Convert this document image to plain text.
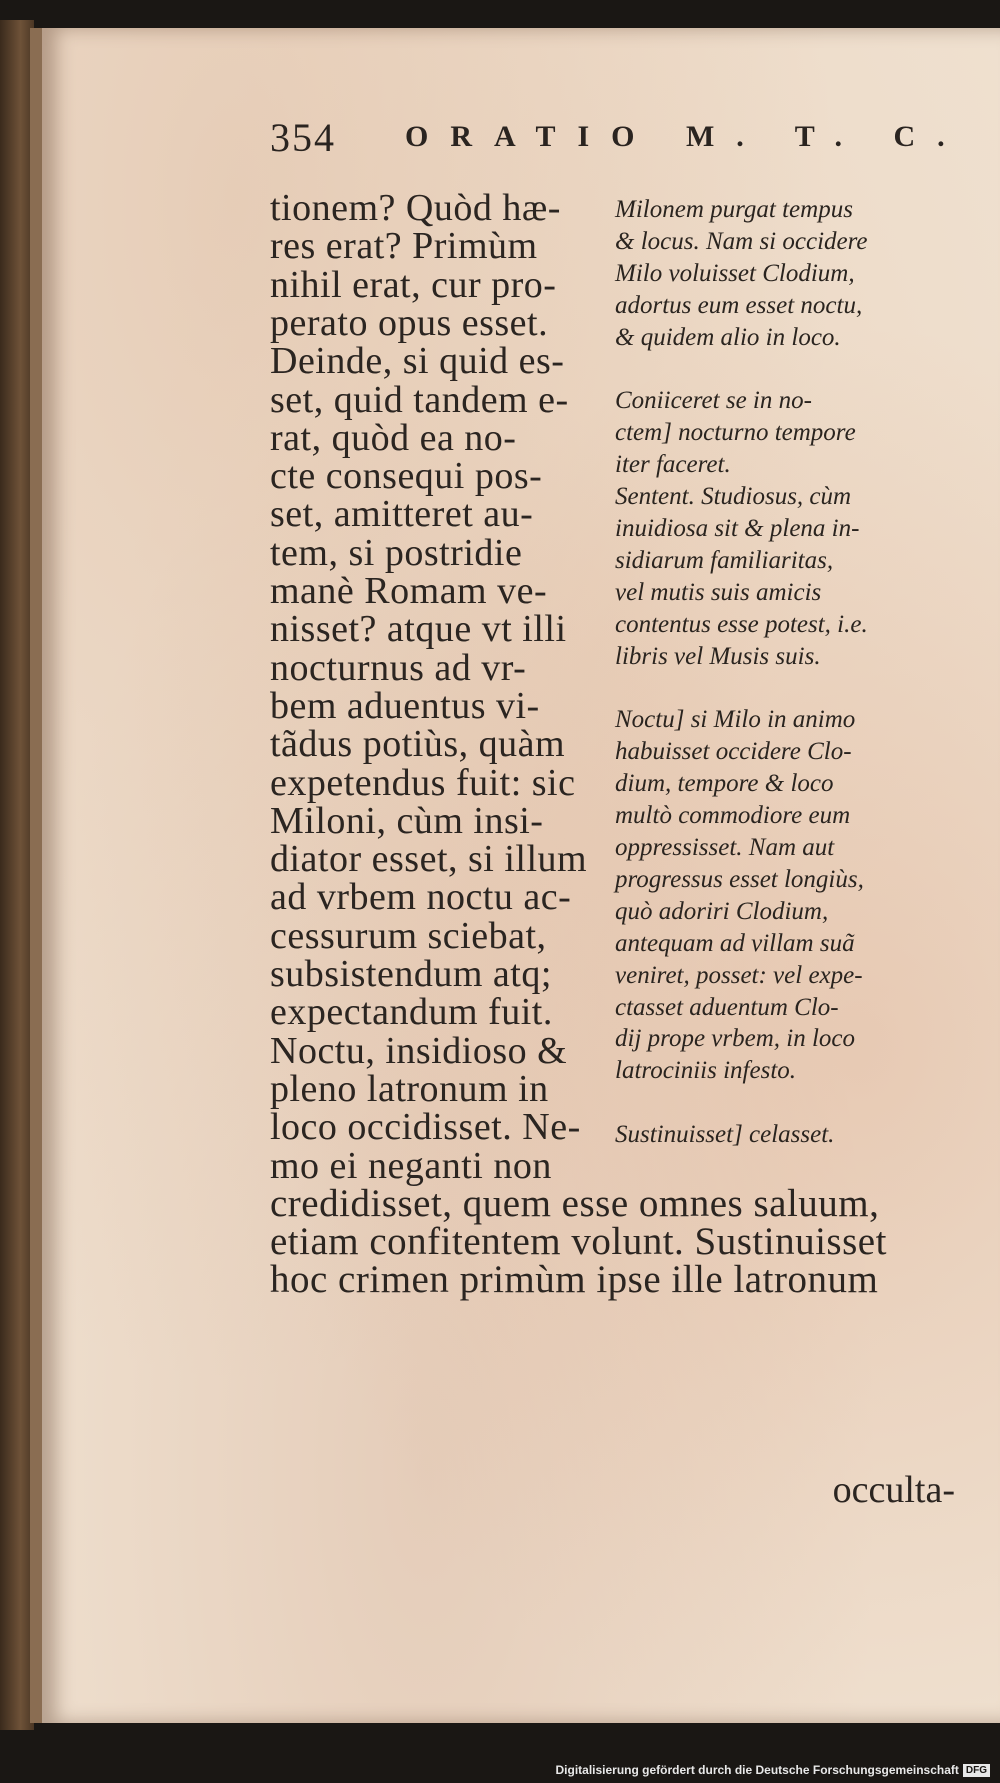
354 ORATIO M. T. C.
tionem? Quòd hæ-
res erat? Primùm
nihil erat, cur pro-
perato opus esset.
Deinde, si quid es-
set, quid tandem e-
rat, quòd ea no-
cte consequi pos-
set, amitteret au-
tem, si postridie
manè Romam ve-
nisset? atque vt illi
nocturnus ad vr-
bem aduentus vi-
tãdus potiùs, quàm
expetendus fuit: sic
Miloni, cùm insi-
diator esset, si illum
ad vrbem noctu ac-
cessurum sciebat,
subsistendum atq;
expectandum fuit.
Noctu, insidioso &
pleno latronum in
loco occidisset. Ne-
mo ei neganti non
Milonem purgat tempus
& locus. Nam si occidere
Milo voluisset Clodium,
adortus eum esset noctu,
& quidem alio in loco.
Coniiceret se in no-
ctem] nocturno tempore
iter faceret.
Sentent. Studiosus, cùm
inuidiosa sit & plena in-
sidiarum familiaritas,
vel mutis suis amicis
contentus esse potest, i.e.
libris vel Musis suis.
Noctu] si Milo in animo
habuisset occidere Clo-
dium, tempore & loco
multò commodiore eum
oppressisset. Nam aut
progressus esset longiùs,
quò adoriri Clodium,
antequam ad villam suã
veniret, posset: vel expe-
ctasset aduentum Clo-
dij prope vrbem, in loco
latrociniis infesto.
Sustinuisset] celasset.
credidisset, quem esse omnes saluum,
etiam confitentem volunt. Sustinuisset
hoc crimen primùm ipse ille latronum
occulta-
Digitalisierung gefördert durch die Deutsche Forschungsgemeinschaft DFG
